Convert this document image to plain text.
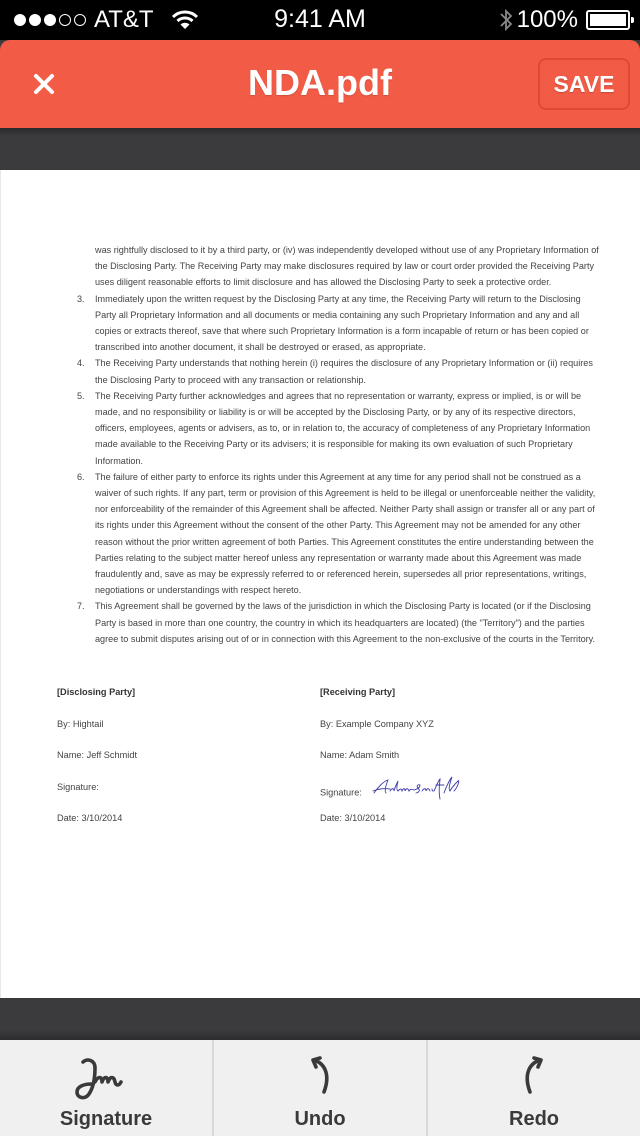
AT&T	9:41 AM	100%
NDA.pdf	SAVE
was rightfully disclosed to it by a third party, or (iv) was independently developed without use of any Proprietary Information of the Disclosing Party. The Receiving Party may make disclosures required by law or court order provided the Receiving Party uses diligent reasonable efforts to limit disclosure and has allowed the Disclosing Party to seek a protective order.
3.	Immediately upon the written request by the Disclosing Party at any time, the Receiving Party will return to the Disclosing Party all Proprietary Information and all documents or media containing any such Proprietary Information and any and all copies or extracts thereof, save that where such Proprietary Information is a form incapable of return or has been copied or transcribed into another document, it shall be destroyed or erased, as appropriate.
4.	The Receiving Party understands that nothing herein (i) requires the disclosure of any Proprietary Information or (ii) requires the Disclosing Party to proceed with any transaction or relationship.
5.	The Receiving Party further acknowledges and agrees that no representation or warranty, express or implied, is or will be made, and no responsibility or liability is or will be accepted by the Disclosing Party, or by any of its respective directors, officers, employees, agents or advisers, as to, or in relation to, the accuracy of completeness of any Proprietary Information made available to the Receiving Party or its advisers; it is responsible for making its own evaluation of such Proprietary Information.
6.	The failure of either party to enforce its rights under this Agreement at any time for any period shall not be construed as a waiver of such rights. If any part, term or provision of this Agreement is held to be illegal or unenforceable neither the validity, nor enforceability of the remainder of this Agreement shall be affected. Neither Party shall assign or transfer all or any part of its rights under this Agreement without the consent of the other Party. This Agreement may not be amended for any other reason without the prior written agreement of both Parties. This Agreement constitutes the entire understanding between the Parties relating to the subject matter hereof unless any representation or warranty made about this Agreement was made fraudulently and, save as may be expressly referred to or referenced herein, supersedes all prior representations, writings, negotiations or understandings with respect hereto.
7.	This Agreement shall be governed by the laws of the jurisdiction in which the Disclosing Party is located (or if the Disclosing Party is based in more than one country, the country in which its headquarters are located) (the "Territory") and the parties agree to submit disputes arising out of or in connection with this Agreement to the non-exclusive of the courts in the Territory.
[Disclosing Party]
By: Hightail
Name: Jeff Schmidt
Signature:
Date: 3/10/2014
[Receiving Party]
By: Example Company XYZ
Name: Adam Smith
Signature:
Date: 3/10/2014
Signature	Undo	Redo
